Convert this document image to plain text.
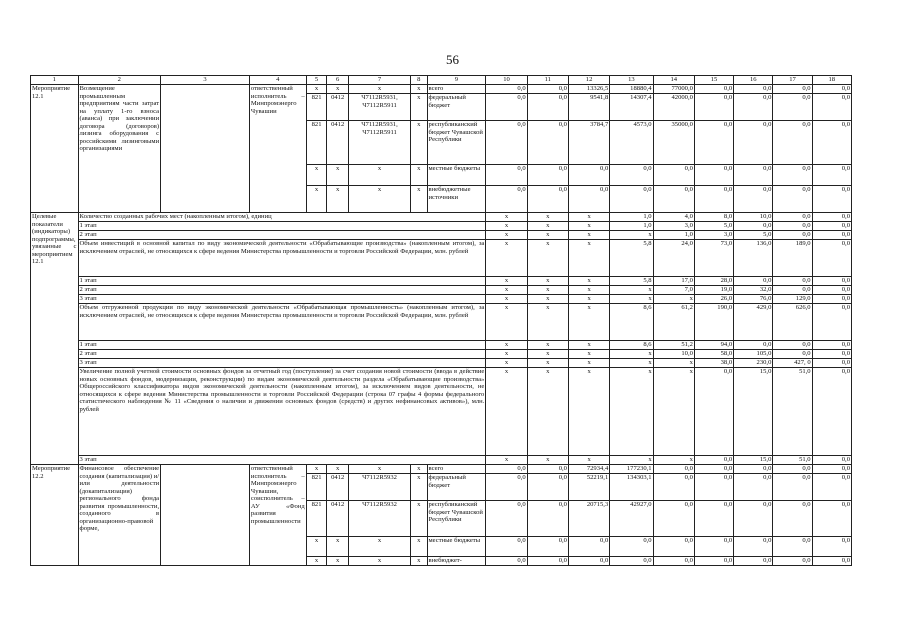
56
1	2	3	4	5	6	7	8	9	10	11	12	13	14	15	16	17	18
Мероприятие 12.1	Возмещение промышленным предприятиям части затрат на уплату 1-го взноса (аванса) при заключении договора (договоров) лизинга оборудования с российскими лизинговыми организациями		ответственный исполнитель – Минпромэнерго Чувашии	x	x	x	x	всего	0,0	0,0	13326,5	18880,4	77000,0	0,0	0,0	0,0	0,0
				821	0412	Ч7112R5931, Ч7112R5911	x	федеральный бюджет	0,0	0,0	9541,8	14307,4	42000,0	0,0	0,0	0,0	0,0
				821	0412	Ч7112R5931, Ч7112R5911	x	республиканский бюджет Чувашской Республики	0,0	0,0	3784,7	4573,0	35000,0	0,0	0,0	0,0	0,0
				x	x	x	x	местные бюджеты	0,0	0,0	0,0	0,0	0,0	0,0	0,0	0,0	0,0
				x	x	x	x	внебюджетные источники	0,0	0,0	0,0	0,0	0,0	0,0	0,0	0,0	0,0
Целевые показатели (индикаторы) подпрограммы, увязанные с мероприятием 12.1	Количество созданных рабочих мест (накопленным итогом), единиц								x	x	x	1,0	4,0	8,0	10,0	0,0	0,0
	1 этап								x	x	x	1,0	3,0	5,0	0,0	0,0	0,0
	2 этап								x	x	x	x	1,0	3,0	5,0	0,0	0,0
	Объем инвестиций в основной капитал по виду экономической деятельности «Обрабатывающие производства» (накопленным итогом), за исключением отраслей, не относящихся к сфере ведения Министерства промышленности и торговли Российской Федерации, млн. рублей								x	x	x	5,8	24,0	73,0	136,0	189,0	0,0
	1 этап								x	x	x	5,8	17,0	28,0	0,0	0,0	0,0
	2 этап								x	x	x	x	7,0	19,0	32,0	0,0	0,0
	3 этап								x	x	x	x	x	26,0	76,0	129,0	0,0
	Объем отгруженной продукции по виду экономической деятельности «Обрабатывающая промышленность» (накопленным итогом), за исключением отраслей, не относящихся к сфере ведения Министерства промышленности и торговли Российской Федерации, млн. рублей								x	x	x	8,6	61,2	190,0	429,0	626,0	0,0
	1 этап								x	x	x	8,6	51,2	94,0	0,0	0,0	0,0
	2 этап								x	x	x	x	10,0	58,0	105,0	0,0	0,0
	3 этап								x	x	x	x	x	38,0	230,0	427, 0	0,0
	Увеличение полной учетной стоимости основных фондов за отчетный год (поступление) за счет создания новой стоимости (ввода в действие новых основных фондов, модернизации, реконструкции) по видам экономической деятельности раздела «Обрабатывающие производства» Общероссийского классификатора видов экономической деятельности (накопленным итогом), за исключением видов деятельности, не относящихся к сфере ведения Министерства промышленности и торговли Российской Федерации (строка 07 графы 4 формы федерального статистического наблюдения № 11 «Сведения о наличии и движении основных фондов (средств) и других нефинансовых активов»), млн. рублей								x	x	x	x	x	0,0	15,0	51,0	0,0
	3 этап								x	x	x	x	x	0,0	15,0	51,0	0,0
Мероприятие 12.2	Финансовое обеспечение создания (капитализация) и/или деятельности (докапитализация) регионального фонда развития промышленности, созданного в организационно-правовой форме,		ответственный исполнитель – Минпромэнерго Чувашии, соисполнитель – АУ «Фонд развития промышленности	x	x	x	x	всего	0,0	0,0	72934,4	177230,1	0,0	0,0	0,0	0,0	0,0
				821	0412	Ч7112R5932	x	федеральный бюджет	0,0	0,0	52219,1	134303,1	0,0	0,0	0,0	0,0	0,0
				821	0412	Ч7112R5932	x	республиканский бюджет Чувашской Республики	0,0	0,0	20715,3	42927,0	0,0	0,0	0,0	0,0	0,0
				x	x	x	x	местные бюджеты	0,0	0,0	0,0	0,0	0,0	0,0	0,0	0,0	0,0
				x	x	x	x	внебюджет-	0,0	0,0	0,0	0,0	0,0	0,0	0,0	0,0	0,0
